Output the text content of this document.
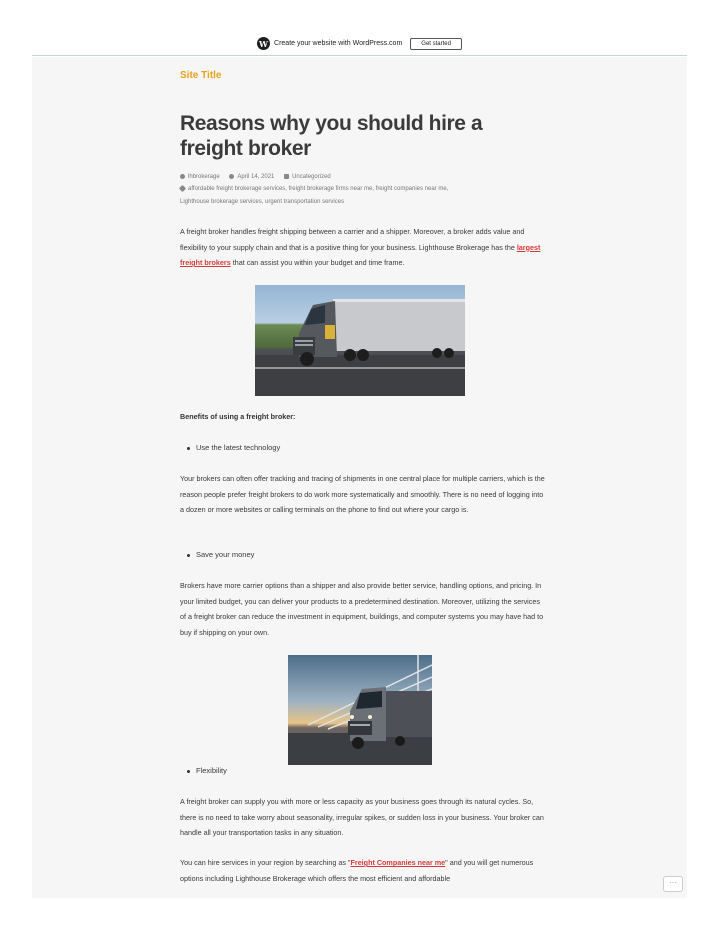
W Create your website with WordPress.com	Get started
Site Title
Reasons why you should hire a freight broker
lhbrokerage	April 14, 2021	Uncategorized
affordable freight brokerage services, freight brokerage firms near me, freight companies near me,
Lighthouse brokerage services, urgent transportation services

A freight broker handles freight shipping between a carrier and a shipper. Moreover, a broker adds value and flexibility to your supply chain and that is a positive thing for your business. Lighthouse Brokerage has the largest freight brokers that can assist you within your budget and time frame.

Benefits of using a freight broker:
Use the latest technology

Your brokers can often offer tracking and tracing of shipments in one central place for multiple carriers, which is the reason people prefer freight brokers to do work more systematically and smoothly. There is no need of logging into a dozen or more websites or calling terminals on the phone to find out where your cargo is.

Save your money

Brokers have more carrier options than a shipper and also provide better service, handling options, and pricing. In your limited budget, you can deliver your products to a predetermined destination. Moreover, utilizing the services of a freight broker can reduce the investment in equipment, buildings, and computer systems you may have had to buy if shipping on your own.

Flexibility

A freight broker can supply you with more or less capacity as your business goes through its natural cycles. So, there is no need to take worry about seasonality, irregular spikes, or sudden loss in your business. Your broker can handle all your transportation tasks in any situation.

You can hire services in your region by searching as "Freight Companies near me" and you will get numerous options including Lighthouse Brokerage which offers the most efficient and affordable	···
